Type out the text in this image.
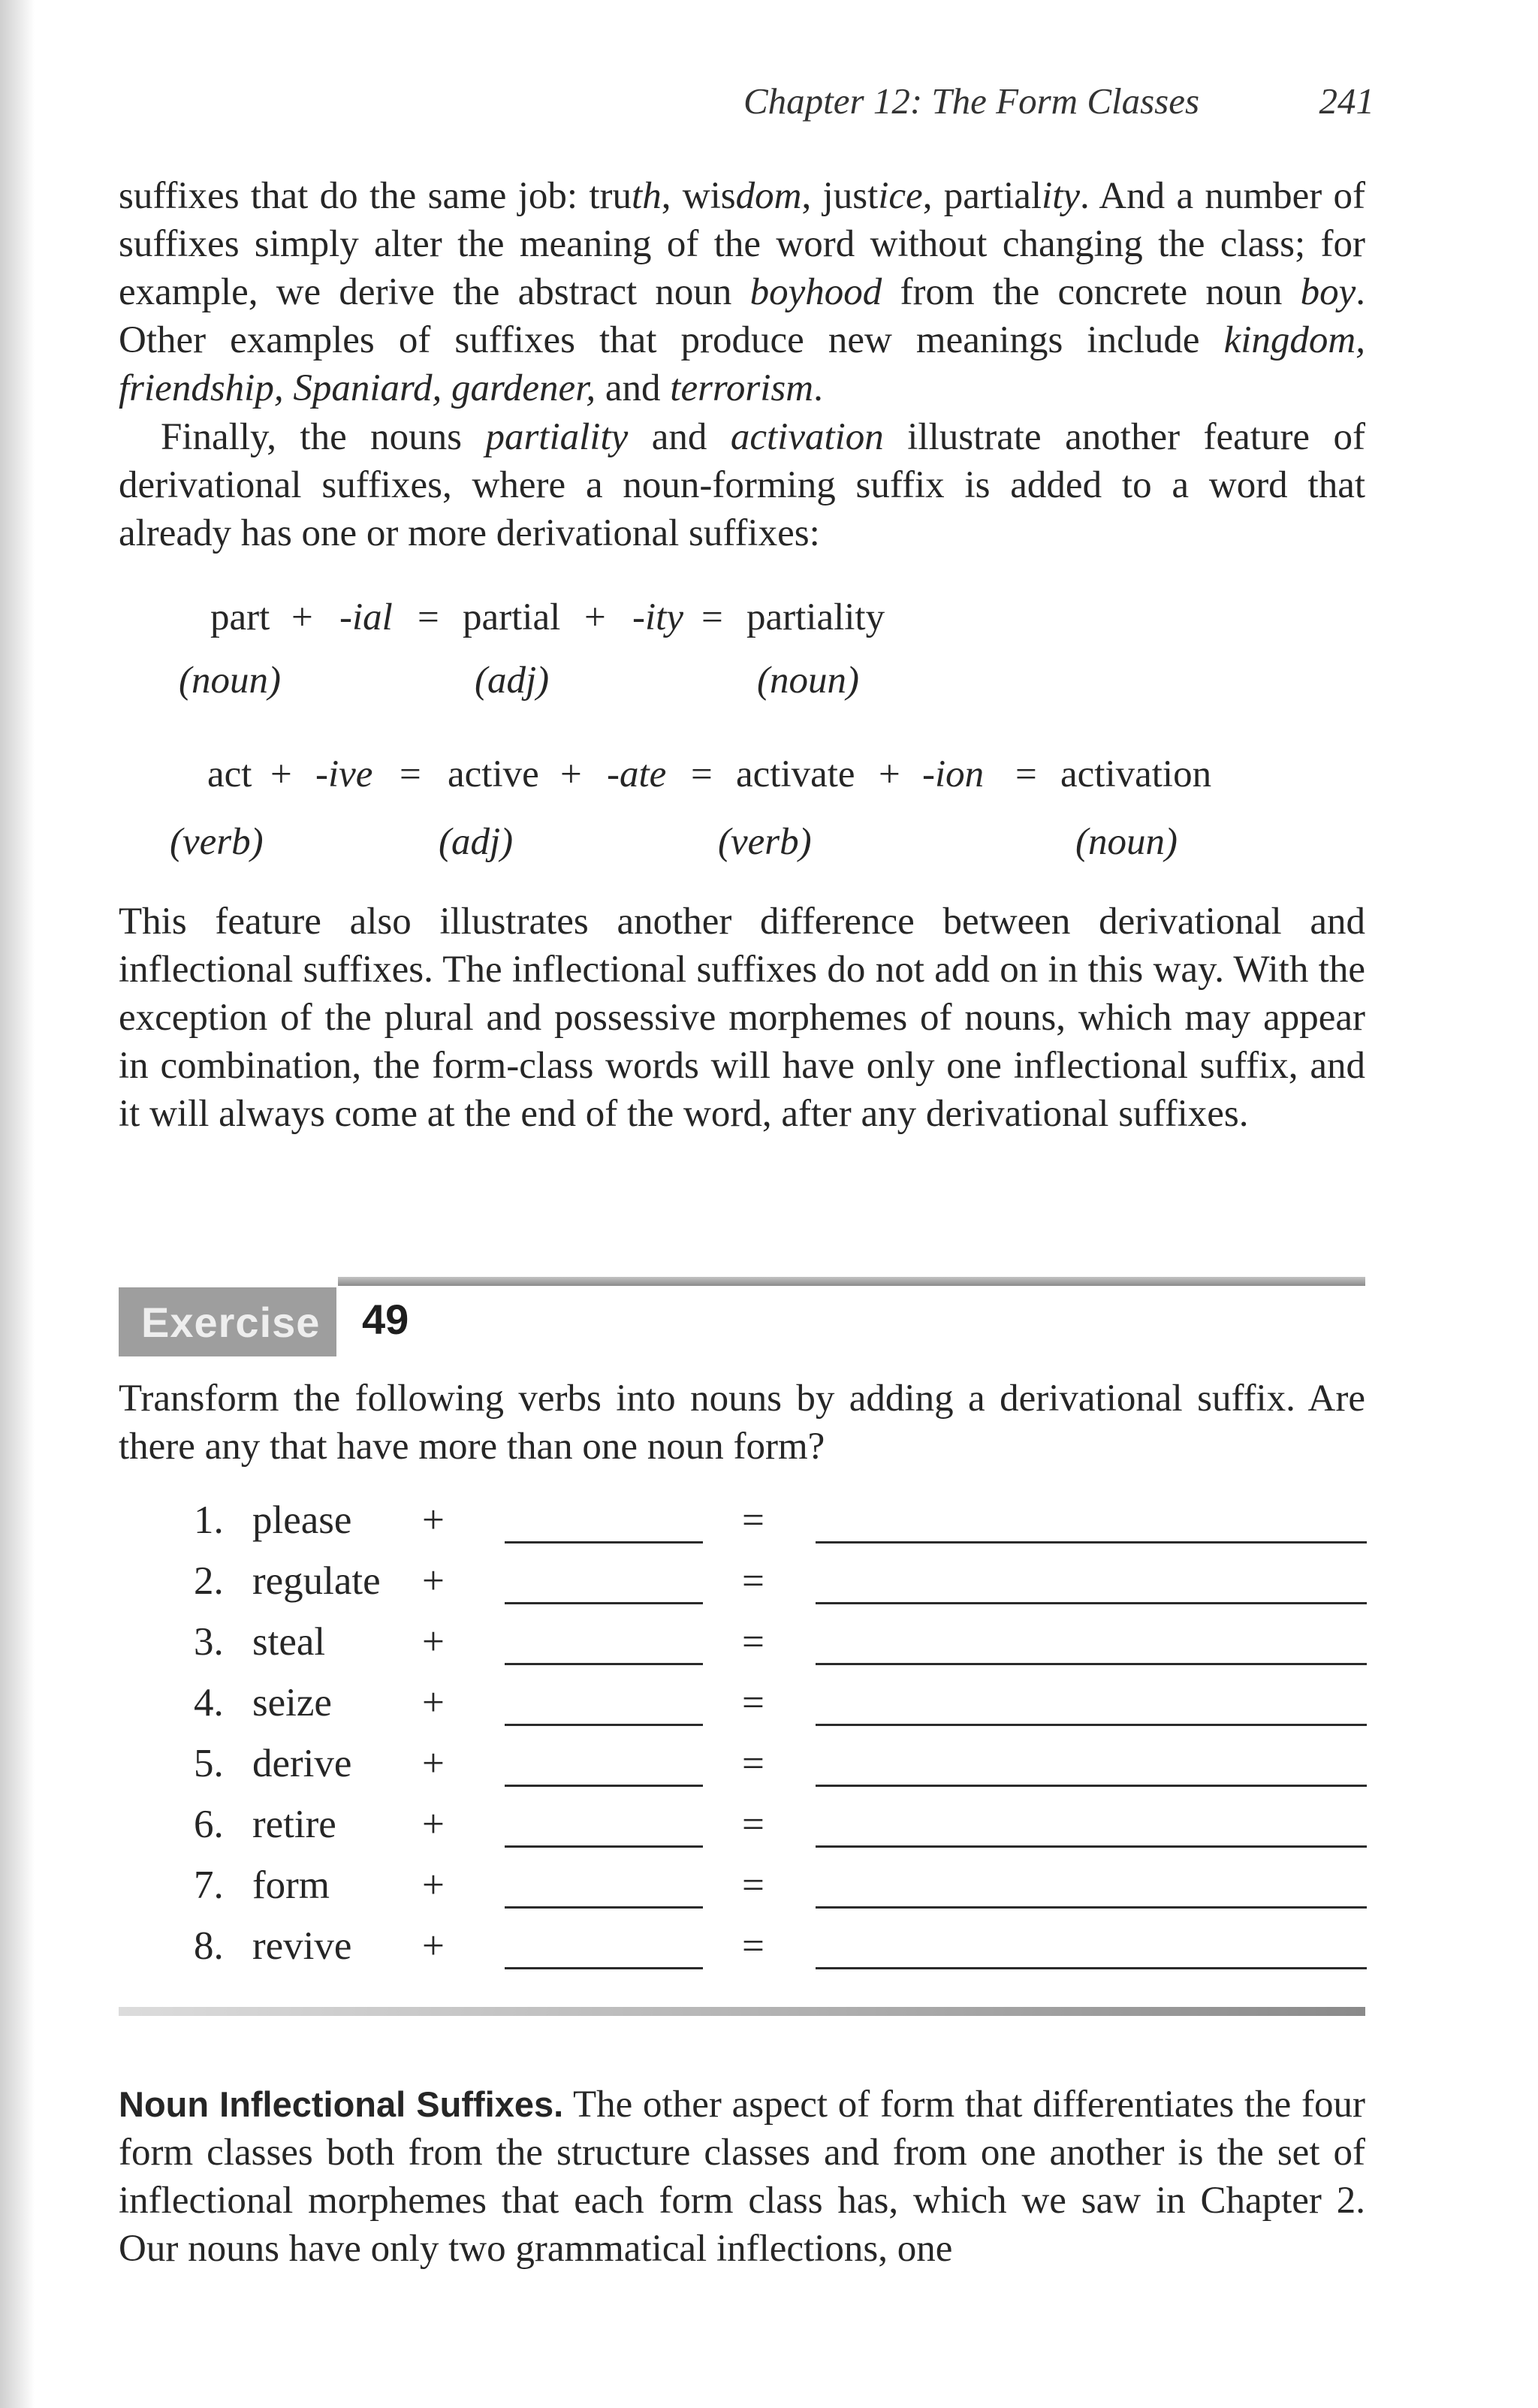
Chapter 12: The Form Classes	241

suffixes that do the same job: truth, wisdom, justice, partiality. And a number of suffixes simply alter the meaning of the word without changing the class; for example, we derive the abstract noun boyhood from the concrete noun boy. Other examples of suffixes that produce new meanings include kingdom, friendship, Spaniard, gardener, and terrorism.

Finally, the nouns partiality and activation illustrate another feature of derivational suffixes, where a noun-forming suffix is added to a word that already has one or more derivational suffixes:

part + -ial = partial + -ity = partiality
(noun)	(adj)	(noun)
act + -ive = active + -ate = activate + -ion = activation
(verb)	(adj)	(verb)	(noun)

This feature also illustrates another difference between derivational and inflectional suffixes. The inflectional suffixes do not add on in this way. With the exception of the plural and possessive morphemes of nouns, which may appear in combination, the form-class words will have only one inflectional suffix, and it will always come at the end of the word, after any derivational suffixes.

Exercise 49

Transform the following verbs into nouns by adding a derivational suffix. Are there any that have more than one noun form?

1. please +	=
2. regulate +	=
3. steal +	=
4. seize +	=
5. derive +	=
6. retire +	=
7. form +	=
8. revive +	=

Noun Inflectional Suffixes. The other aspect of form that differentiates the four form classes both from the structure classes and from one another is the set of inflectional morphemes that each form class has, which we saw in Chapter 2. Our nouns have only two grammatical inflections, one
